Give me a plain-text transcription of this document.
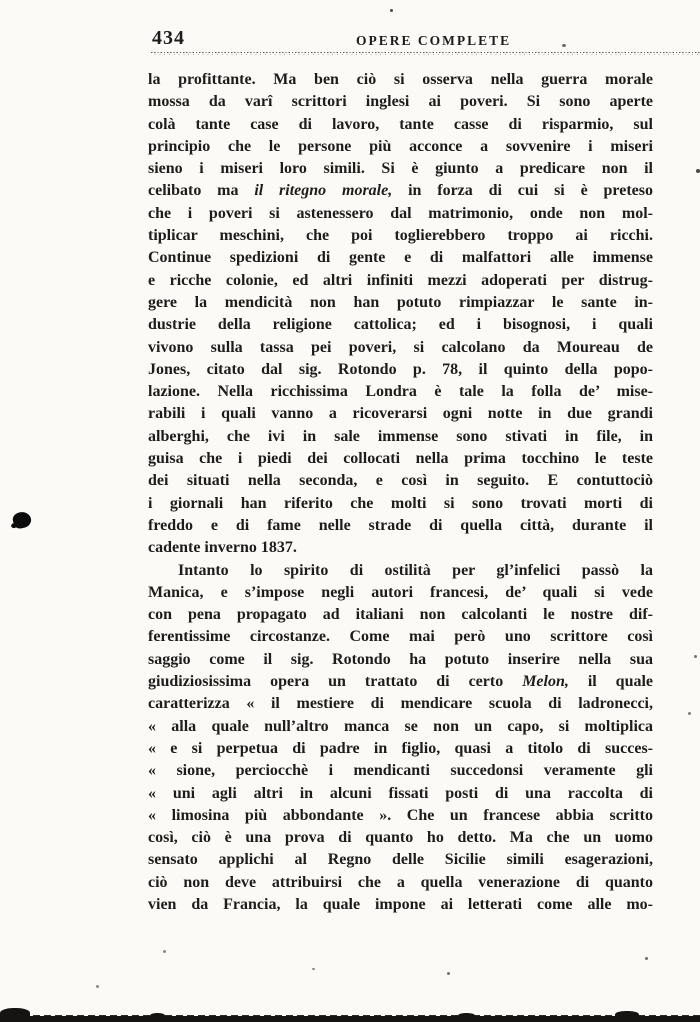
434	OPERE COMPLETE
la profittante. Ma ben ciò si osserva nella guerra morale
mossa da varî scrittori inglesi ai poveri. Si sono aperte
colà tante case di lavoro, tante casse di risparmio, sul
principio che le persone più acconce a sovvenire i miseri
sieno i miseri loro simili. Si è giunto a predicare non il
celibato ma il ritegno morale, in forza di cui si è preteso
che i poveri si astenessero dal matrimonio, onde non mol-
tiplicar meschini, che poi toglierebbero troppo ai ricchi.
Continue spedizioni di gente e di malfattori alle immense
e ricche colonie, ed altri infiniti mezzi adoperati per distrug-
gere la mendicità non han potuto rimpiazzar le sante in-
dustrie della religione cattolica; ed i bisognosi, i quali
vivono sulla tassa pei poveri, si calcolano da Moureau de
Jones, citato dal sig. Rotondo p. 78, il quinto della popo-
lazione. Nella ricchissima Londra è tale la folla de’ mise-
rabili i quali vanno a ricoverarsi ogni notte in due grandi
alberghi, che ivi in sale immense sono stivati in file, in
guisa che i piedi dei collocati nella prima tocchino le teste
dei situati nella seconda, e così in seguito. E contuttociò
i giornali han riferito che molti si sono trovati morti di
freddo e di fame nelle strade di quella città, durante il
cadente inverno 1837.
Intanto lo spirito di ostilità per gl’infelici passò la
Manica, e s’impose negli autori francesi, de’ quali si vede
con pena propagato ad italiani non calcolanti le nostre dif-
ferentissime circostanze. Come mai però uno scrittore così
saggio come il sig. Rotondo ha potuto inserire nella sua
giudiziosissima opera un trattato di certo Melon, il quale
caratterizza « il mestiere di mendicare scuola di ladronecci,
« alla quale null’altro manca se non un capo, si moltiplica
« e si perpetua di padre in figlio, quasi a titolo di succes-
« sione, perciocchè i mendicanti succedonsi veramente gli
« uni agli altri in alcuni fissati posti di una raccolta di
« limosina più abbondante ». Che un francese abbia scritto
così, ciò è una prova di quanto ho detto. Ma che un uomo
sensato applichi al Regno delle Sicilie simili esagerazioni,
ciò non deve attribuirsi che a quella venerazione di quanto
vien da Francia, la quale impone ai letterati come alle mo-
